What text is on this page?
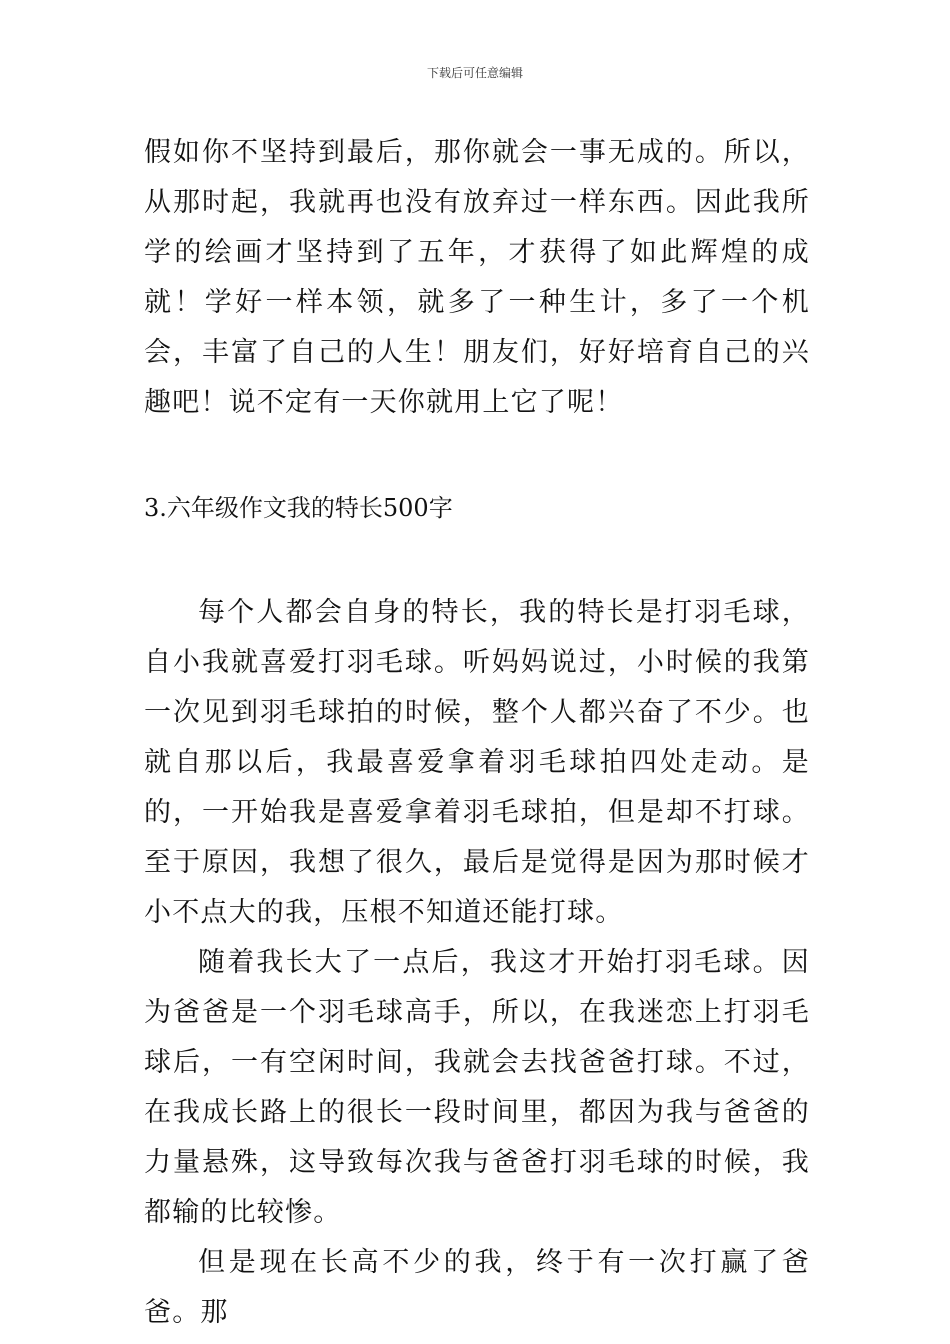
下载后可任意编辑

假如你不坚持到最后，那你就会一事无成的。所以，从那时起，我就再也没有放弃过一样东西。因此我所学的绘画才坚持到了五年，才获得了如此辉煌的成就！学好一样本领，就多了一种生计，多了一个机会，丰富了自己的人生！朋友们，好好培育自己的兴趣吧！说不定有一天你就用上它了呢！

3.六年级作文我的特长500字

每个人都会自身的特长，我的特长是打羽毛球，自小我就喜爱打羽毛球。听妈妈说过，小时候的我第一次见到羽毛球拍的时候，整个人都兴奋了不少。也就自那以后，我最喜爱拿着羽毛球拍四处走动。是的，一开始我是喜爱拿着羽毛球拍，但是却不打球。至于原因，我想了很久，最后是觉得是因为那时候才小不点大的我，压根不知道还能打球。

随着我长大了一点后，我这才开始打羽毛球。因为爸爸是一个羽毛球高手，所以，在我迷恋上打羽毛球后，一有空闲时间，我就会去找爸爸打球。不过，在我成长路上的很长一段时间里，都因为我与爸爸的力量悬殊，这导致每次我与爸爸打羽毛球的时候，我都输的比较惨。

但是现在长高不少的我，终于有一次打赢了爸爸。那
